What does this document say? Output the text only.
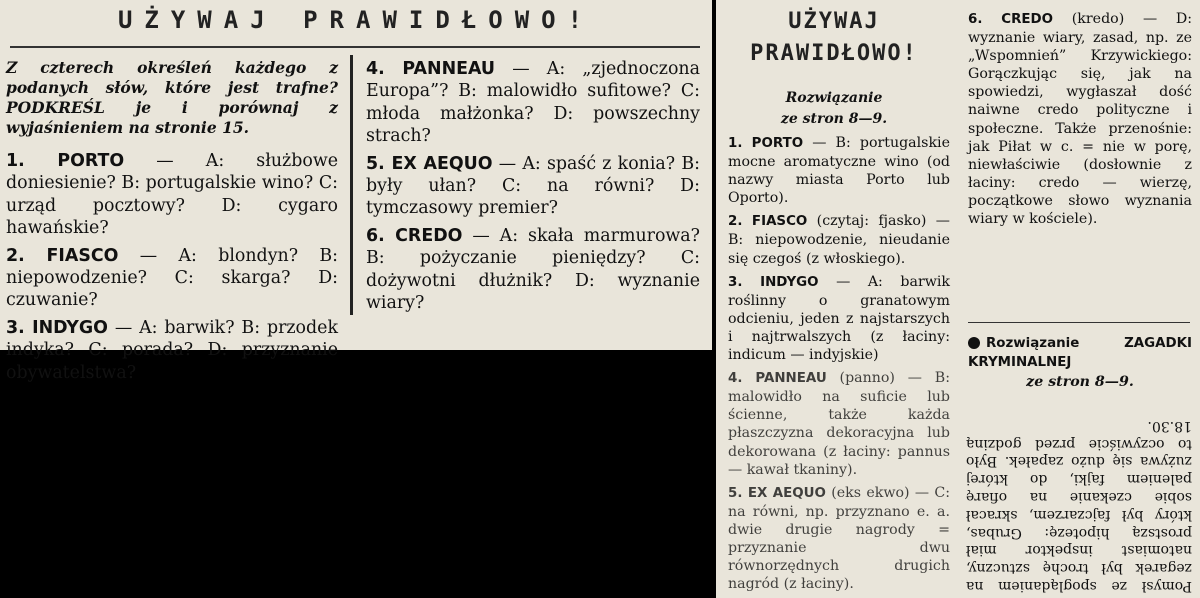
UŻYWAJ PRAWIDŁOWO!

Z czterech określeń każdego z podanych słów, które jest trafne? PODKREŚL je i porównaj z wyjaśnieniem na stronie 15.

1. PORTO — A: służbowe doniesienie? B: portugalskie wino? C: urząd pocztowy? D: cygaro hawańskie?

2. FIASCO — A: blondyn? B: niepowodzenie? C: skarga? D: czuwanie?

3. INDYGO — A: barwik? B: przodek indyka? C: porada? D: przyznanie obywatelstwa?

4. PANNEAU — A: „zjednoczona Europa”? B: malowidło sufitowe? C: młoda małżonka? D: powszechny strach?

5. EX AEQUO — A: spaść z konia? B: były ułan? C: na równi? D: tymczasowy premier?

6. CREDO — A: skała marmurowa? B: pożyczanie pieniędzy? C: dożywotni dłużnik? D: wyznanie wiary?

UŻYWAJ
PRAWIDŁOWO!
Rozwiązanie
ze stron 8—9.

1. PORTO — B: portugalskie mocne aromatyczne wino (od nazwy miasta Porto lub Oporto).

2. FIASCO (czytaj: fjasko) — B: niepowodzenie, nieudanie się czegoś (z włoskiego).

3. INDYGO — A: barwik roślinny o granatowym odcieniu, jeden z najstarszych i najtrwalszych (z łaciny: indicum — indyjskie)

4. PANNEAU (panno) — B: malowidło na suficie lub ścienne, także każda płaszczyzna dekoracyjna lub dekorowana (z łaciny: pannus — kawał tkaniny).

5. EX AEQUO (eks ekwo) — C: na równi, np. przyznano e. a. dwie drugie nagrody = przyznanie dwu równorzędnych drugich nagród (z łaciny).

6. CREDO (kredo) — D: wyznanie wiary, zasad, np. ze „Wspomnień” Krzywickiego: Gorączkując się, jak na spowiedzi, wygłaszał dość naiwne credo polityczne i społeczne. Także przenośnie: jak Piłat w c. = nie w porę, niewłaściwie (dosłownie z łaciny: credo — wierzę, początkowe słowo wyznania wiary w kościele).

Rozwiązanie ZAGADKI KRYMINALNEJ

ze stron 8—9.

Pomysł ze spoglądaniem na zegarek był trochę sztuczny, natomiast inspektor miał prostszą hipotezę: Grubas, który był fajczarzem, skracał sobie czekanie na ofiarę paleniem fajki, do której zużywa się dużo zapałek. Było to oczywiście przed godziną 18.30.
